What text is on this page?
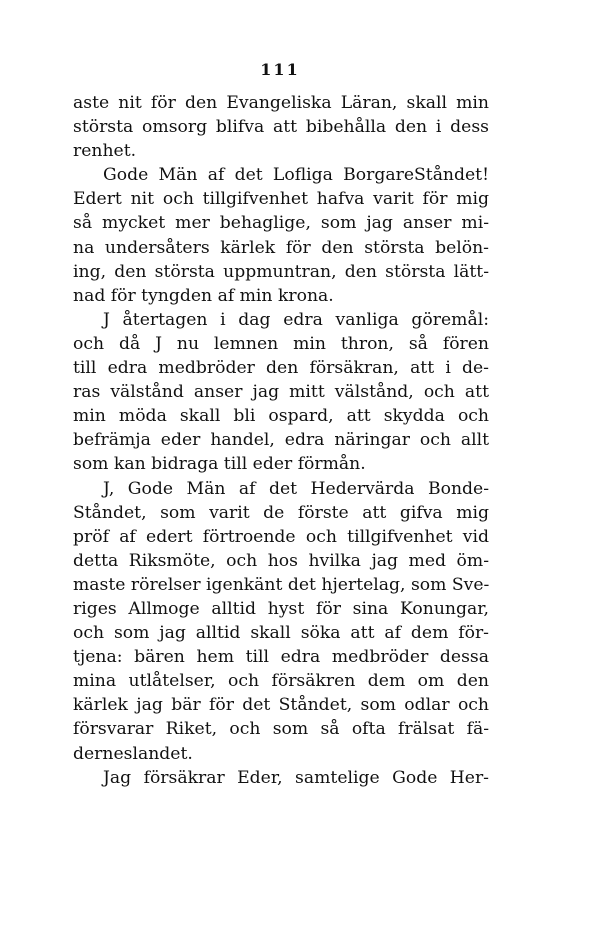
111
aste nit för den Evangeliska Läran, skall min
största omsorg blifva att bibehålla den i dess
renhet.
Gode Män af det Lofliga BorgareStåndet!
Edert nit och tillgifvenhet hafva varit för mig
så mycket mer behaglige, som jag anser mi-
na undersåters kärlek för den största belön-
ing, den största uppmuntran, den största lätt-
nad för tyngden af min krona.
J återtagen i dag edra vanliga göremål:
och då J nu lemnen min thron, så fören
till edra medbröder den försäkran, att i de-
ras välstånd anser jag mitt välstånd, och att
min möda skall bli ospard, att skydda och
befrämja eder handel, edra näringar och allt
som kan bidraga till eder förmån.
J, Gode Män af det Hedervärda Bonde-
Ståndet, som varit de förste att gifva mig
pröf af edert förtroende och tillgifvenhet vid
detta Riksmöte, och hos hvilka jag med öm-
maste rörelser igenkänt det hjertelag, som Sve-
riges Allmoge alltid hyst för sina Konungar,
och som jag alltid skall söka att af dem för-
tjena: bären hem till edra medbröder dessa
mina utlåtelser, och försäkren dem om den
kärlek jag bär för det Ståndet, som odlar och
försvarar Riket, och som så ofta frälsat fä-
derneslandet.
Jag försäkrar Eder, samtelige Gode Her-
